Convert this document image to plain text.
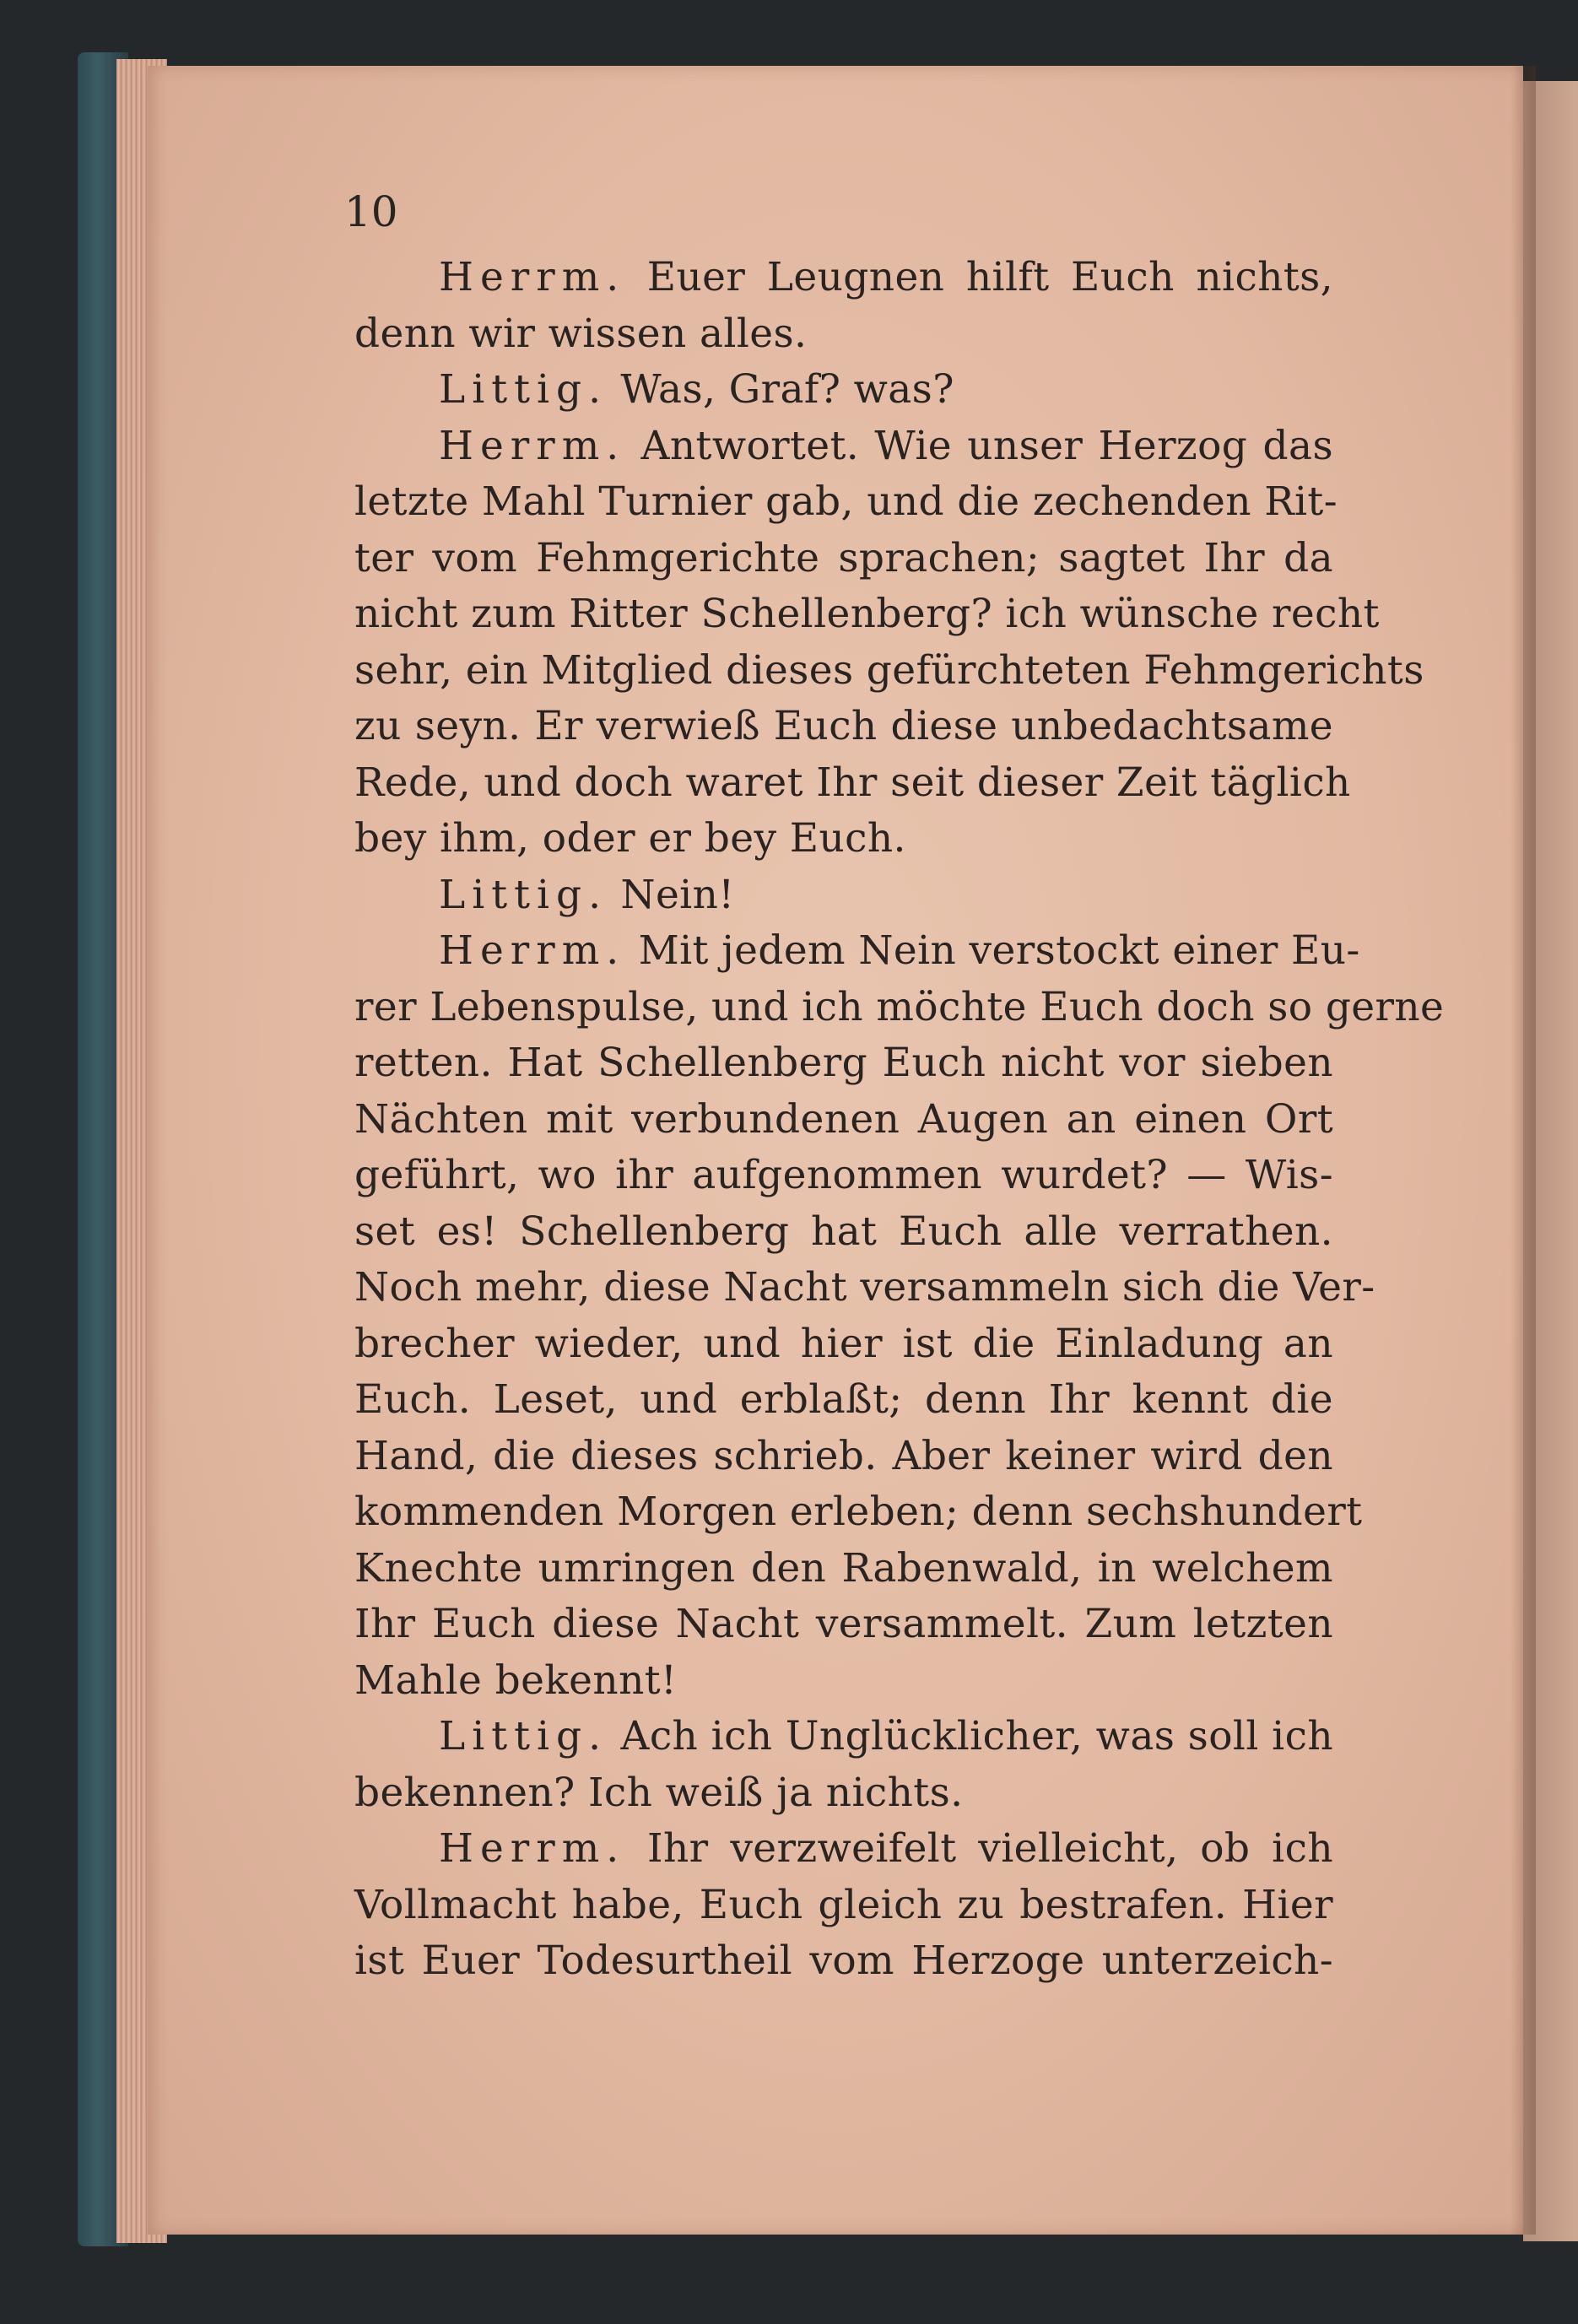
10
Herrm. Euer Leugnen hilft Euch nichts,
denn wir wissen alles.
Littig. Was, Graf? was?
Herrm. Antwortet. Wie unser Herzog das
letzte Mahl Turnier gab, und die zechenden Rit-
ter vom Fehmgerichte sprachen; sagtet Ihr da
nicht zum Ritter Schellenberg? ich wünsche recht
sehr, ein Mitglied dieses gefürchteten Fehmgerichts
zu seyn. Er verwieß Euch diese unbedachtsame
Rede, und doch waret Ihr seit dieser Zeit täglich
bey ihm, oder er bey Euch.
Littig. Nein!
Herrm. Mit jedem Nein verstockt einer Eu-
rer Lebenspulse, und ich möchte Euch doch so gerne
retten. Hat Schellenberg Euch nicht vor sieben
Nächten mit verbundenen Augen an einen Ort
geführt, wo ihr aufgenommen wurdet? — Wis-
set es! Schellenberg hat Euch alle verrathen.
Noch mehr, diese Nacht versammeln sich die Ver-
brecher wieder, und hier ist die Einladung an
Euch. Leset, und erblaßt; denn Ihr kennt die
Hand, die dieses schrieb. Aber keiner wird den
kommenden Morgen erleben; denn sechshundert
Knechte umringen den Rabenwald, in welchem
Ihr Euch diese Nacht versammelt. Zum letzten
Mahle bekennt!
Littig. Ach ich Unglücklicher, was soll ich
bekennen? Ich weiß ja nichts.
Herrm. Ihr verzweifelt vielleicht, ob ich
Vollmacht habe, Euch gleich zu bestrafen. Hier
ist Euer Todesurtheil vom Herzoge unterzeich-
